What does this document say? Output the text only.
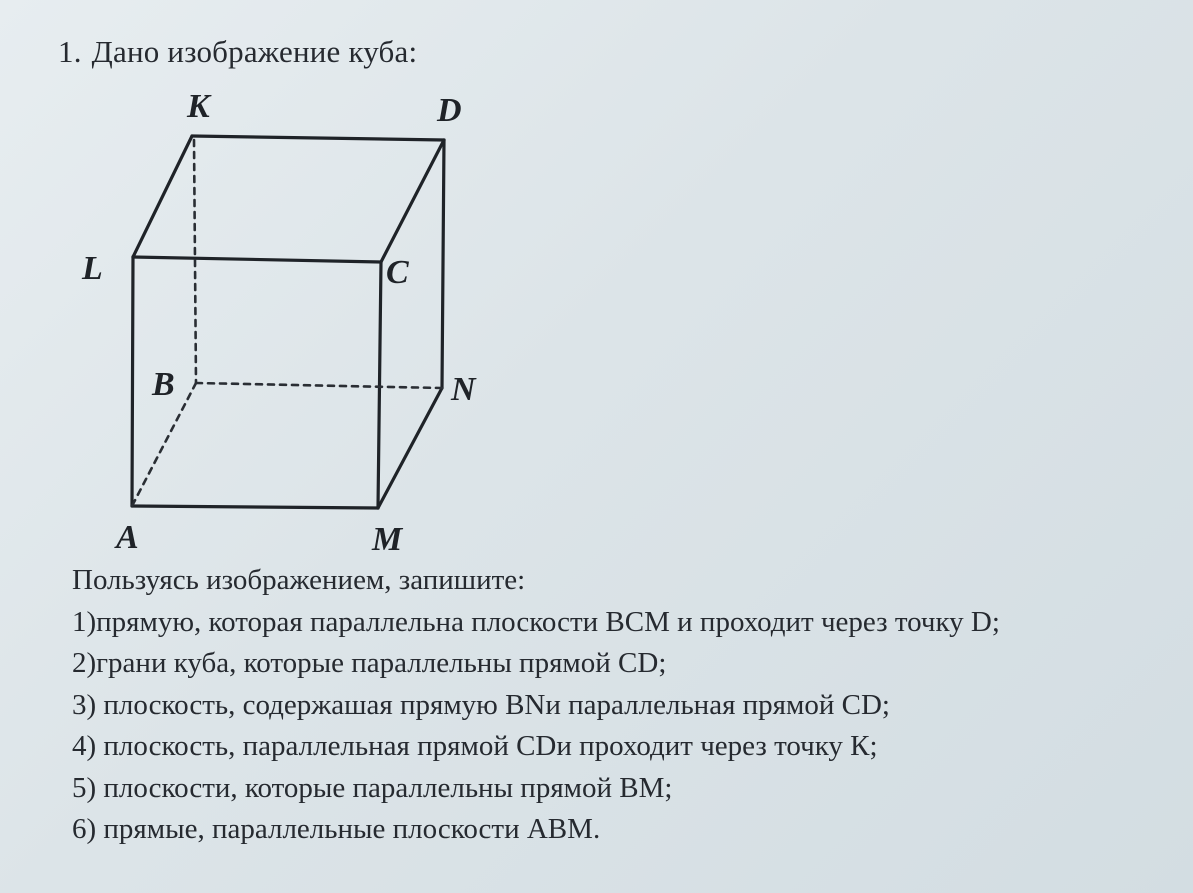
1. Дано изображение куба:
K	D
L	C
B	N
A	M
Пользуясь изображением, запишите:
1)прямую, которая параллельна плоскости BCM и проходит через точку D;
2)грани куба, которые параллельны прямой CD;
3) плоскость, содержашая прямую BNи параллельная прямой CD;
4) плоскость, параллельная прямой CDи проходит через точку К;
5) плоскости, которые параллельны прямой BM;
6) прямые, параллельные плоскости ABM.
